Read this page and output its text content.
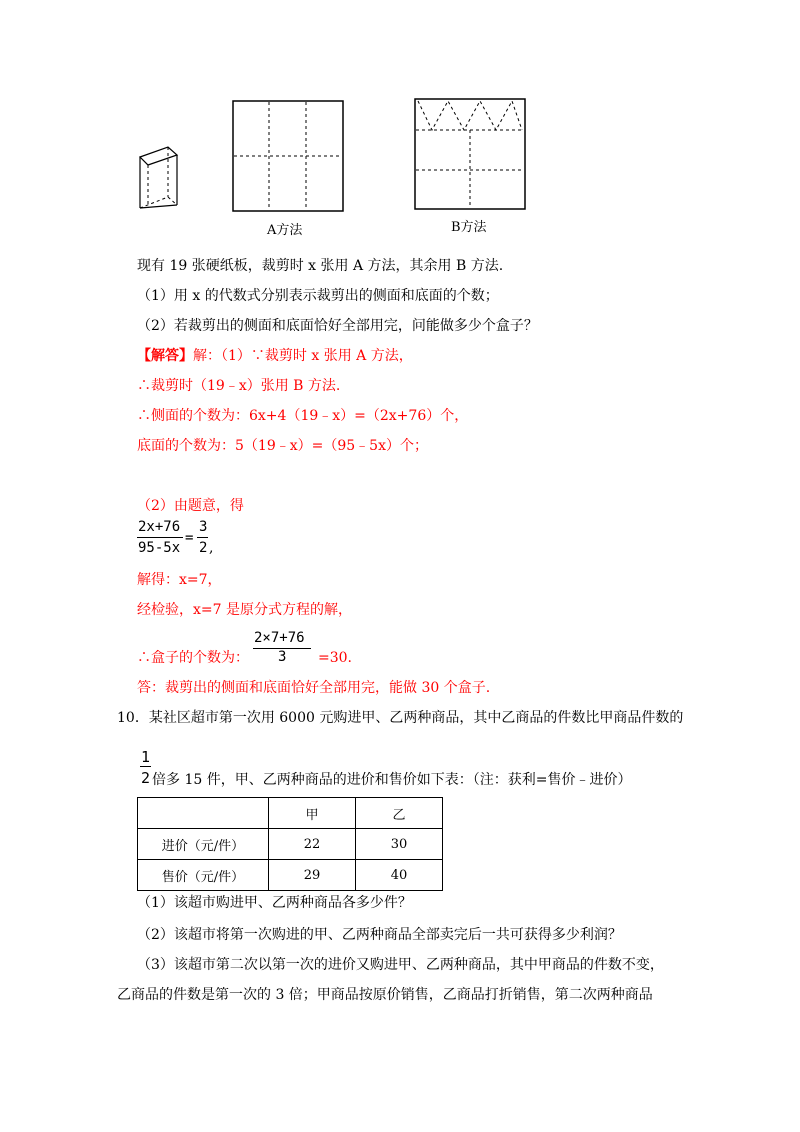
A方法	B方法
现有 19 张硬纸板，裁剪时 x 张用 A 方法，其余用 B 方法.
（1）用 x 的代数式分别表示裁剪出的侧面和底面的个数；
（2）若裁剪出的侧面和底面恰好全部用完，问能做多少个盒子？
【解答】解：（1）∵裁剪时 x 张用 A 方法，
∴裁剪时（19﹣x）张用 B 方法.
∴侧面的个数为：6x+4（19﹣x）=（2x+76）个，
底面的个数为：5（19﹣x）=（95﹣5x）个；
（2）由题意，得
2x+76
95-5x
=
3
2 ,
解得：x=7，
经检验，x=7 是原分式方程的解，
∴盒子的个数为：
2×7+76
3 =30.
答：裁剪出的侧面和底面恰好全部用完，能做 30 个盒子.
10．某社区超市第一次用 6000 元购进甲、乙两种商品，其中乙商品的件数比甲商品件数的
1
2 倍多 15 件，甲、乙两种商品的进价和售价如下表：（注：获利=售价﹣进价）
	甲	乙
进价（元/件）	22	30
售价（元/件）	29	40
（1）该超市购进甲、乙两种商品各多少件？
（2）该超市将第一次购进的甲、乙两种商品全部卖完后一共可获得多少利润？
（3）该超市第二次以第一次的进价又购进甲、乙两种商品，其中甲商品的件数不变，
乙商品的件数是第一次的 3 倍；甲商品按原价销售，乙商品打折销售，第二次两种商品
